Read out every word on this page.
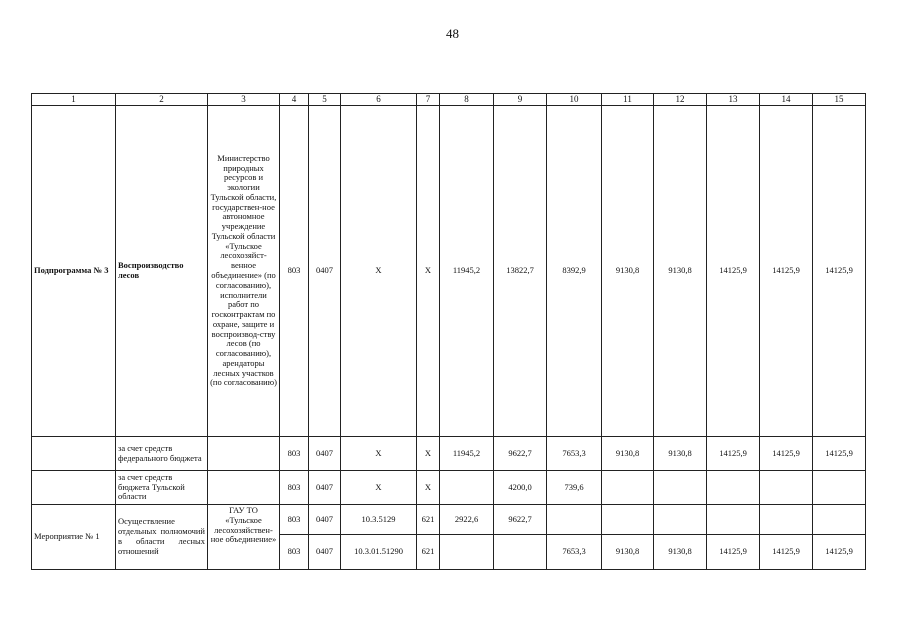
48
1	2	3	4	5	6	7	8	9	10	11	12	13	14	15
Подпрограмма № 3	Воспроизводство лесов	Министерство природных ресурсов и экологии Тульской области, государствен-ное автономное учреждение Тульской области «Тульское лесохозяйст-венное объединение» (по согласованию), исполнители работ по госконтрактам по охране, защите и воспроизвод-ству лесов (по согласованию), арендаторы лесных участков (по согласованию)	803	0407	X	X	11945,2	13822,7	8392,9	9130,8	9130,8	14125,9	14125,9	14125,9
	за счет средств федерального бюджета		803	0407	X	X	11945,2	9622,7	7653,3	9130,8	9130,8	14125,9	14125,9	14125,9
	за счет средств бюджета Тульской области		803	0407	X	X		4200,0	739,6					
Мероприятие № 1	Осуществление отдельных полномочий в области лесных отношений	ГАУ ТО «Тульское лесохозяйствен-ное объединение»	803	0407	10.3.5129	621	2922,6	9622,7						
			803	0407	10.3.01.51290	621			7653,3	9130,8	9130,8	14125,9	14125,9	14125,9
